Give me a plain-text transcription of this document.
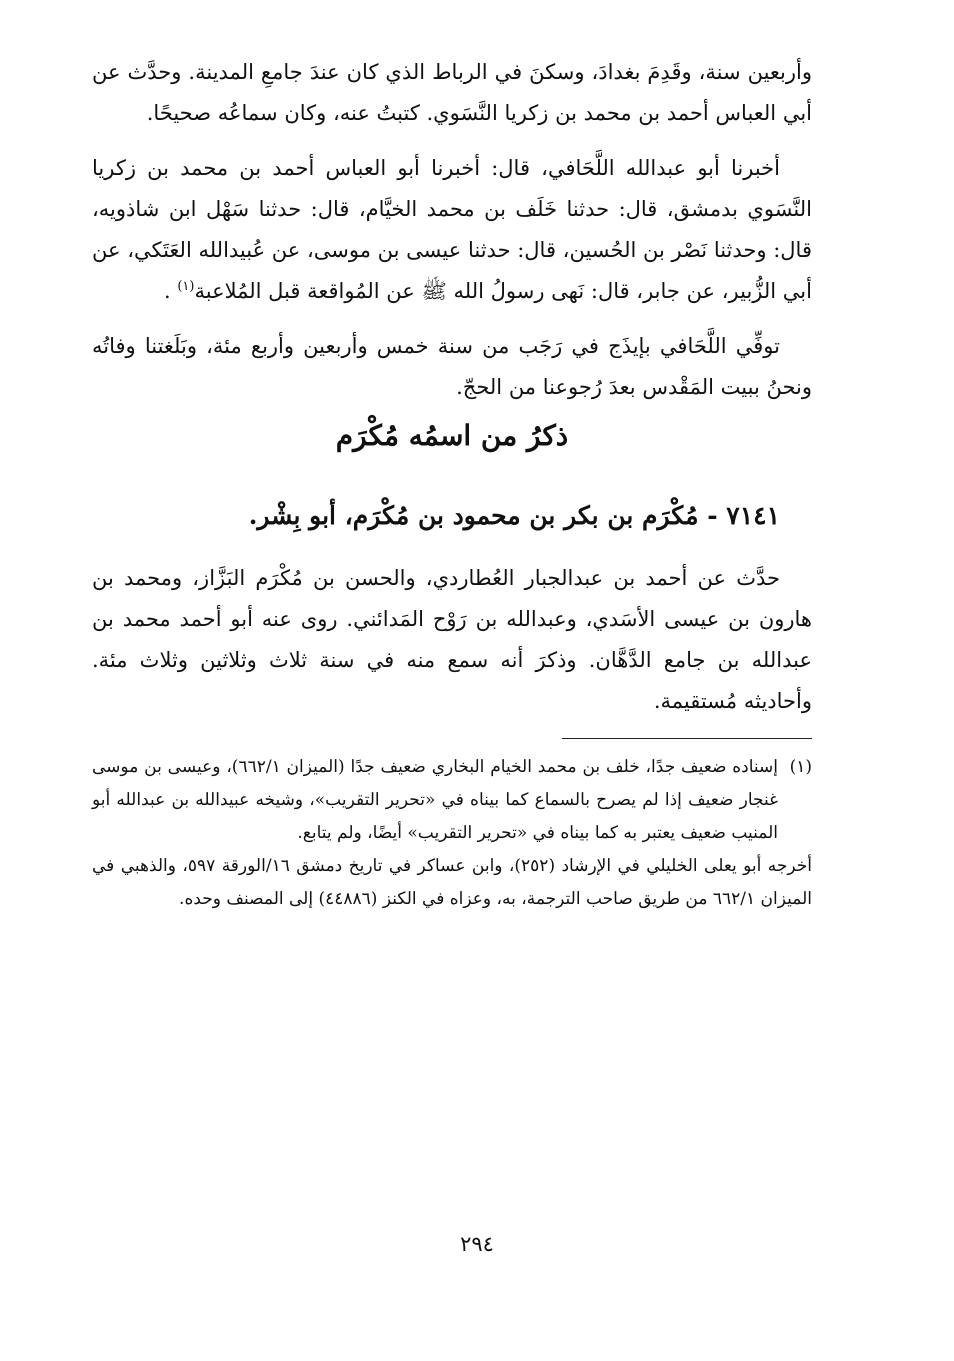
وأربعين سنة، وقَدِمَ بغدادَ، وسكنَ في الرباط الذي كان عندَ جامعِ المدينة. وحدَّث عن أبي العباس أحمد بن محمد بن زكريا النَّسَوي. كتبتُ عنه، وكان سماعُه صحيحًا.

أخبرنا أبو عبدالله اللَّحَافي، قال: أخبرنا أبو العباس أحمد بن محمد بن زكريا النَّسَوي بدمشق، قال: حدثنا خَلَف بن محمد الخيَّام، قال: حدثنا سَهْل ابن شاذويه، قال: وحدثنا نَصْر بن الحُسين، قال: حدثنا عيسى بن موسى، عن عُبيدالله العَتَكي، عن أبي الزُّبير، عن جابر، قال: نَهى رسولُ الله ﷺ عن المُواقعة قبل المُلاعبة$^{(١)}$ .

توفِّي اللَّحَافي بإيذَج في رَجَب من سنة خمس وأربعين وأربع مئة، وبَلَغتنا وفاتُه ونحنُ ببيت المَقْدس بعدَ رُجوعنا من الحجّ.

ذكرُ من اسمُه مُكْرَم
٧١٤١ - مُكْرَم بن بكر بن محمود بن مُكْرَم، أبو بِشْر.

حدَّث عن أحمد بن عبدالجبار العُطاردي، والحسن بن مُكْرَم البَزَّاز، ومحمد بن هارون بن عيسى الأسَدي، وعبدالله بن رَوْح المَدائني. روى عنه أبو أحمد محمد بن عبدالله بن جامع الدَّهَّان. وذكرَ أنه سمع منه في سنة ثلاث وثلاثين وثلاث مئة. وأحاديثه مُستقيمة.

(١)
إسناده ضعيف جدًا، خلف بن محمد الخيام البخاري ضعيف جدًا (الميزان ٦٦٢/١)، وعيسى بن موسى غنجار ضعيف إذا لم يصرح بالسماع كما بيناه في «تحرير التقريب»، وشيخه عبيدالله بن عبدالله أبو المنيب ضعيف يعتبر به كما بيناه في «تحرير التقريب» أيضًا، ولم يتابع.
أخرجه أبو يعلى الخليلي في الإرشاد (٢٥٢)، وابن عساكر في تاريخ دمشق ١٦/الورقة ٥٩٧، والذهبي في الميزان ٦٦٢/١ من طريق صاحب الترجمة، به، وعزاه في الكنز (٤٤٨٨٦) إلى المصنف وحده.
٢٩٤
